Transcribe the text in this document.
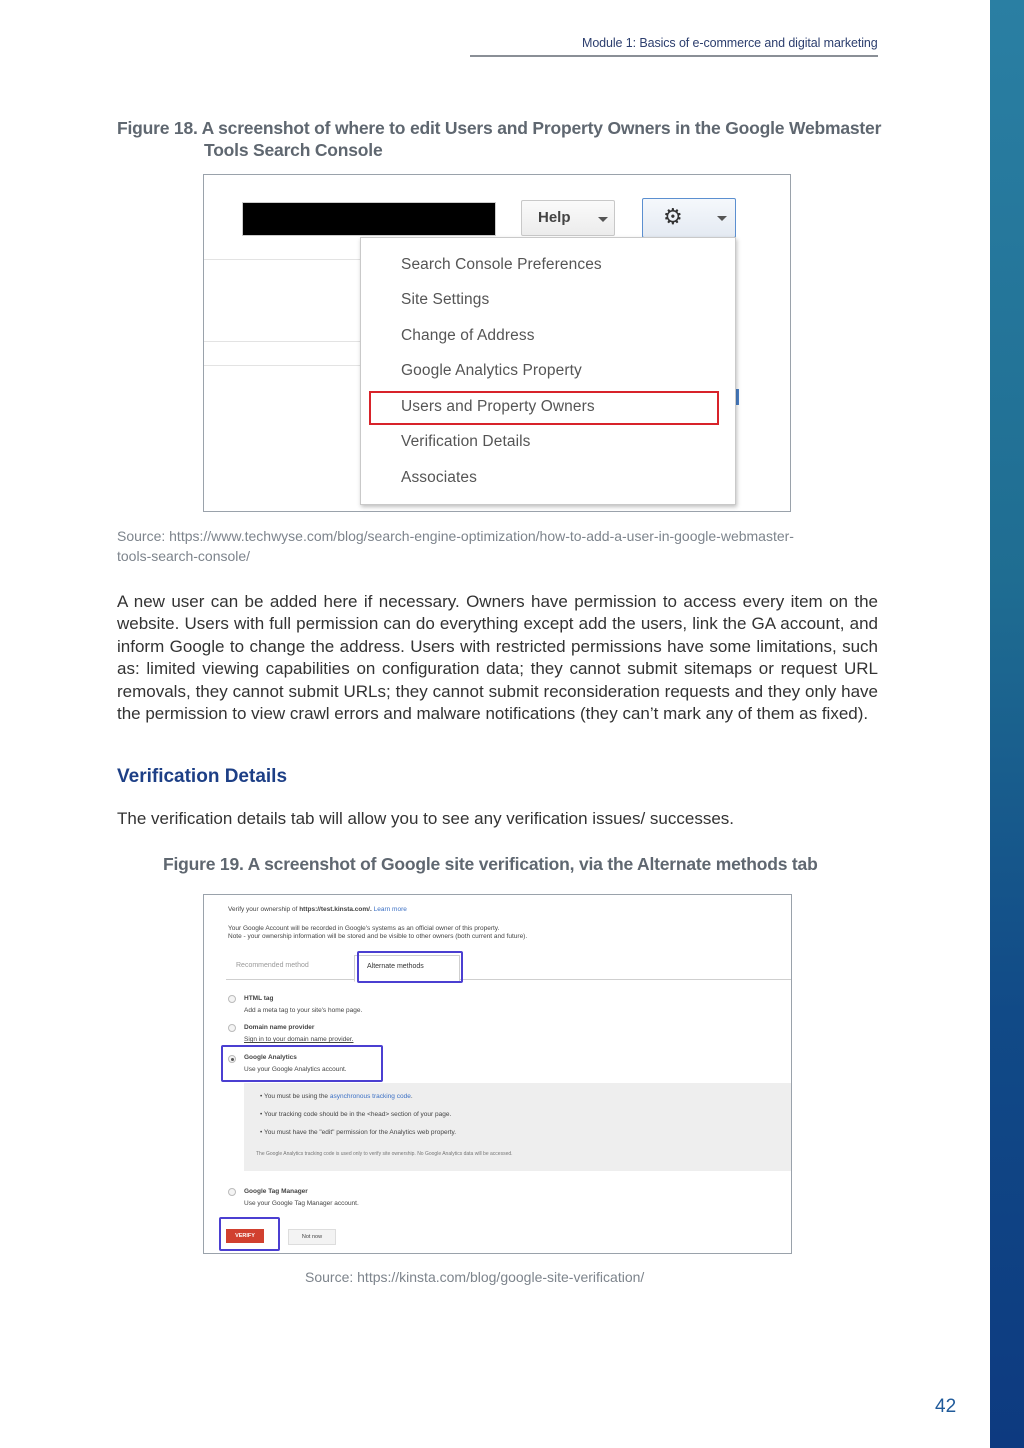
Module 1: Basics of e-commerce and digital marketing
Figure 18. A screenshot of where to edit Users and Property Owners in the Google Webmaster
Tools Search Console
Help	⚙
Search Console Preferences
Site Settings
Change of Address
Google Analytics Property
Users and Property Owners
Verification Details
Associates
Source: https://www.techwyse.com/blog/search-engine-optimization/how-to-add-a-user-in-google-webmaster-
tools-search-console/
A new user can be added here if necessary. Owners have permission to access every item on the website. Users with full permission can do everything except add the users, link the GA account, and inform Google to change the address. Users with restricted permissions have some limitations, such as: limited viewing capabilities on configuration data; they cannot submit sitemaps or request URL removals, they cannot submit URLs; they cannot submit reconsideration requests and they only have the permission to view crawl errors and malware notifications (they can’t mark any of them as fixed).
Verification Details
The verification details tab will allow you to see any verification issues/ successes.
Figure 19. A screenshot of Google site verification, via the Alternate methods tab
Verify your ownership of https://test.kinsta.com/. Learn more
Your Google Account will be recorded in Google's systems as an official owner of this property.
Note - your ownership information will be stored and be visible to other owners (both current and future).
Recommended method	Alternate methods
HTML tag
Add a meta tag to your site's home page.
Domain name provider
Sign in to your domain name provider.
Google Analytics
Use your Google Analytics account.
• You must be using the asynchronous tracking code.
• Your tracking code should be in the <head> section of your page.
• You must have the "edit" permission for the Analytics web property.
The Google Analytics tracking code is used only to verify site ownership. No Google Analytics data will be accessed.
Google Tag Manager
Use your Google Tag Manager account.
VERIFY	Not now
Source: https://kinsta.com/blog/google-site-verification/
42
